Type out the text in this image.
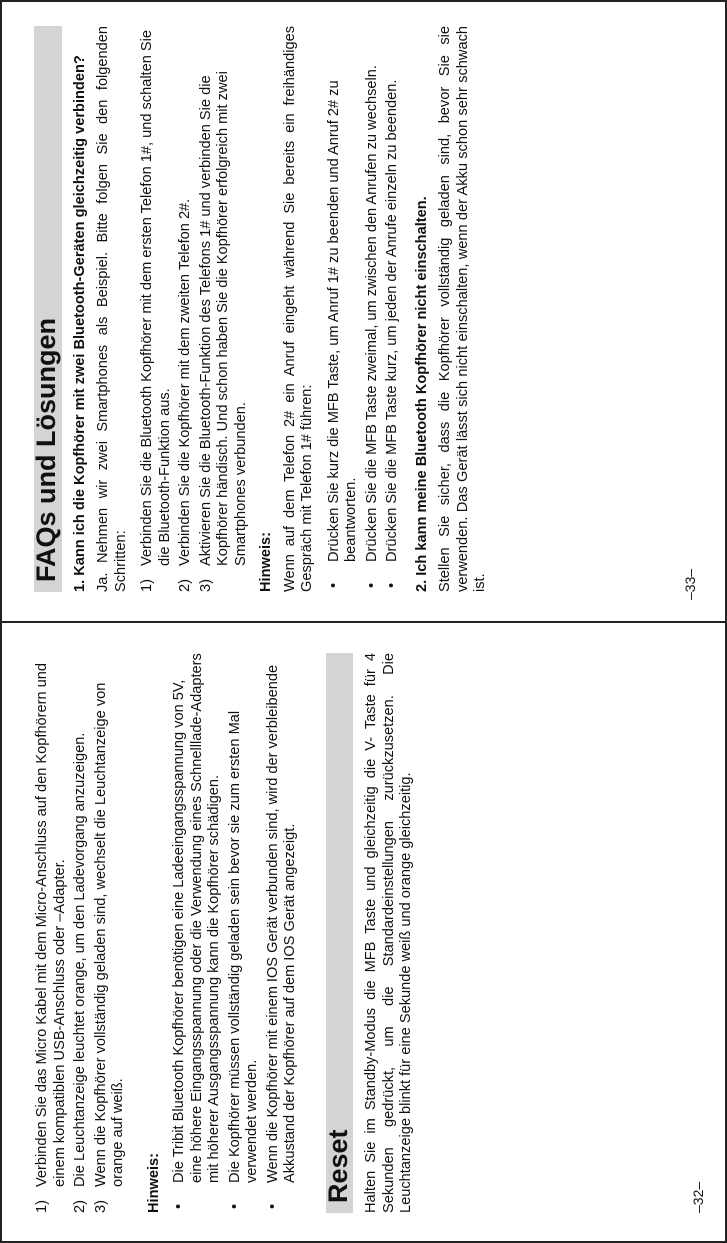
FAQs und Lösungen 1. Kann ich die Kopfhörer mit zwei Bluetooth-Geräten gleichzeitig verbinden? Ja. Nehmen wir zwei Smartphones als Beispiel. Bitte folgen Sie den folgenden Schritten: 1)
Verbinden Sie die Bluetooth Kopfhörer mit dem ersten Telefon 1#, und schalten Sie die Bluetooth-Funktion aus.
2)
Verbinden Sie die Kopfhörer mit dem zweiten Telefon 2#.
3)
Aktivieren Sie die Bluetooth-Funktion des Telefons 1# und verbinden Sie die Kopfhörer händisch. Und schon haben Sie die Kopfhörer erfolgreich mit zwei Smartphones verbunden. Hinweis: Wenn auf dem Telefon 2# ein Anruf eingeht während Sie bereits ein freihändiges Gespräch mit Telefon 1# führen: •
Drücken Sie kurz die MFB Taste, um Anruf 1# zu beenden und Anruf 2# zu beantworten.
•
Drücken Sie die MFB Taste zweimal, um zwischen den Anrufen zu wechseln.
•
Drücken Sie die MFB Taste kurz, um jeden der Anrufe einzeln zu beenden. 2. Ich kann meine Bluetooth Kopfhörer nicht einschalten. Stellen Sie sicher, dass die Kopfhörer vollständig geladen sind, bevor Sie sie verwenden. Das Gerät lässt sich nicht einschalten, wenn der Akku schon sehr schwach ist.	–33–
1)
Verbinden Sie das Micro Kabel mit dem Micro-Anschluss auf den Kopfhörern und einem kompatiblen USB-Anschluss oder –Adapter.
2)
Die Leuchtanzeige leuchtet orange, um den Ladevorgang anzuzeigen.
3)
Wenn die Kopfhörer vollständig geladen sind, wechselt die Leuchtanzeige von orange auf weiß. Hinweis: •
Die Tribit Bluetooth Kopfhörer benötigen eine Ladeeingangsspannung von 5V, eine höhere Eingangsspannung oder die Verwendung eines Schnelllade-Adapters mit höherer Ausgangsspannung kann die Kopfhörer schädigen.
•
Die Kopfhörer müssen vollständig geladen sein bevor sie zum ersten Mal verwendet werden.
•
Wenn die Kopfhörer mit einem IOS Gerät verbunden sind, wird der verbleibende Akkustand der Kopfhörer auf dem IOS Gerät angezeigt. Reset Halten Sie im Standby-Modus die MFB Taste und gleichzeitig die V- Taste für 4 Sekunden gedrückt, um die Standardeinstellungen zurückzusetzen. Die Leuchtanzeige blinkt für eine Sekunde weiß und orange gleichzeitig.	–32–
